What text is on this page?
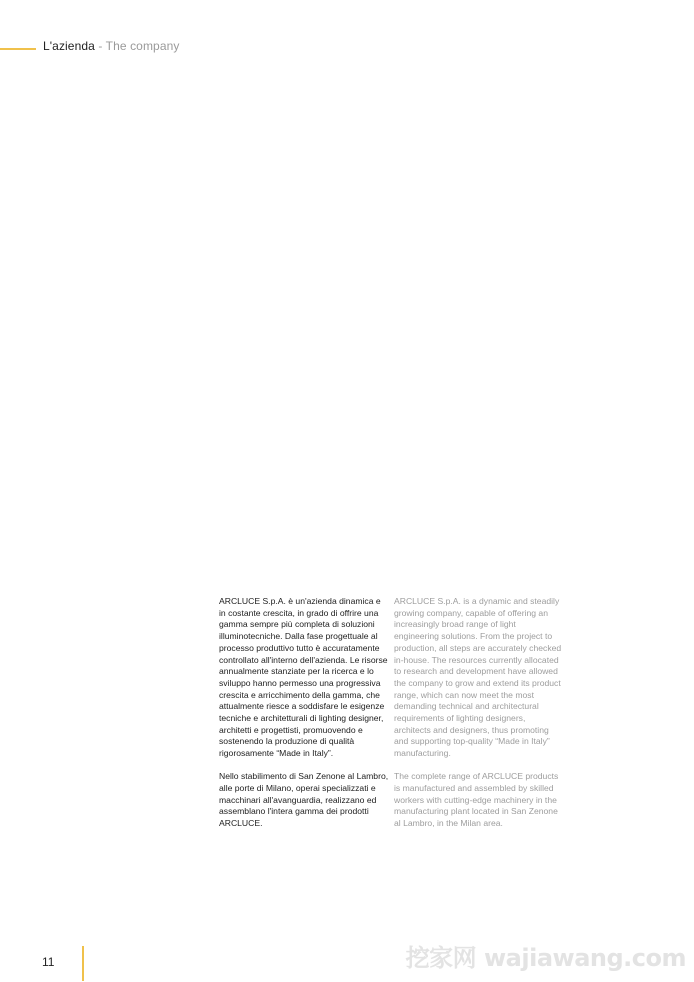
L'azienda - The company

ARCLUCE S.p.A. è un'azienda dinamica e in costante crescita, in grado di offrire una gamma sempre più completa di soluzioni illuminotecniche. Dalla fase progettuale al processo produttivo tutto è accuratamente controllato all'interno dell'azienda. Le risorse annualmente stanziate per la ricerca e lo sviluppo hanno permesso una progressiva crescita e arricchimento della gamma, che attualmente riesce a soddisfare le esigenze tecniche e architetturali di lighting designer, architetti e progettisti, promuovendo e sostenendo la produzione di qualità rigorosamente “Made in Italy”.

Nello stabilimento di San Zenone al Lambro, alle porte di Milano, operai specializzati e macchinari all'avanguardia, realizzano ed assemblano l'intera gamma dei prodotti ARCLUCE.

ARCLUCE S.p.A. is a dynamic and steadily growing company, capable of offering an increasingly broad range of light engineering solutions. From the project to production, all steps are accurately checked in-house. The resources currently allocated to research and development have allowed the company to grow and extend its product range, which can now meet the most demanding technical and architectural requirements of lighting designers, architects and designers, thus promoting and supporting top-quality “Made in Italy” manufacturing.

The complete range of ARCLUCE products is manufactured and assembled by skilled workers with cutting-edge machinery in the manufacturing plant located in San Zenone al Lambro, in the Milan area.

11	挖家网 wajiawang.com
